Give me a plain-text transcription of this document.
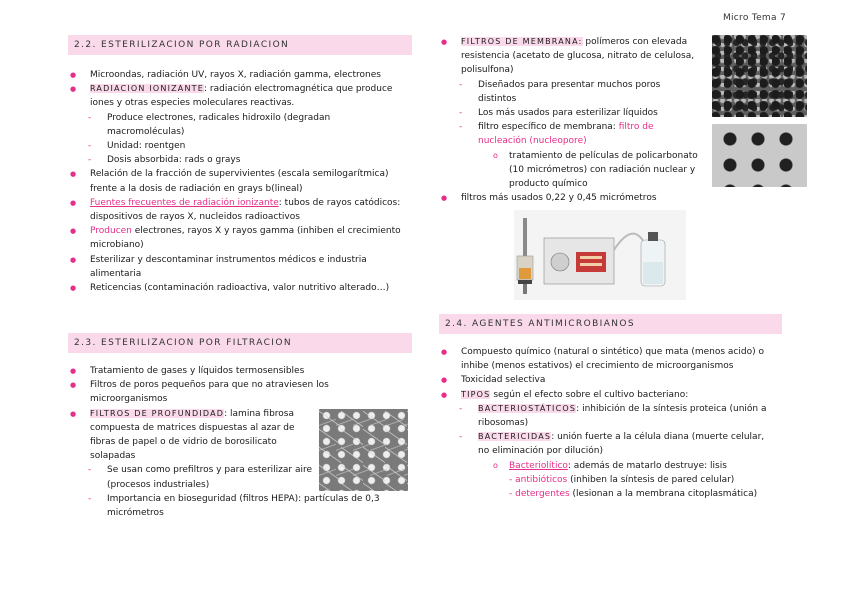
Micro Tema 7
2.2. ESTERILIZACION POR RADIACION
● Microondas, radiación UV, rayos X, radiación gamma, electrones
● RADIACION IONIZANTE: radiación electromagnética que produce iones y otras especies moleculares reactivas.
- Produce electrones, radicales hidroxilo (degradan macromoléculas)
- Unidad: roentgen
- Dosis absorbida: rads o grays
● Relación de la fracción de supervivientes (escala semilogarítmica) frente a la dosis de radiación en grays b(lineal)
● Fuentes frecuentes de radiación ionizante: tubos de rayos catódicos: dispositivos de rayos X, nucleidos radioactivos
● Producen electrones, rayos X y rayos gamma (inhiben el crecimiento microbiano)
● Esterilizar y descontaminar instrumentos médicos e industria alimentaria
● Reticencias (contaminación radioactiva, valor nutritivo alterado…)
2.3. ESTERILIZACION POR FILTRACION
● Tratamiento de gases y líquidos termosensibles
● Filtros de poros pequeños para que no atraviesen los microorganismos
● FILTROS DE PROFUNDIDAD: lamina fibrosa compuesta de matrices dispuestas al azar de fibras de papel o de vidrio de borosilicato solapadas
- Se usan como prefiltros y para esterilizar aire (procesos industriales)
- Importancia en bioseguridad (filtros HEPA): partículas de 0,3 micrómetros
● FILTROS DE MEMBRANA: polímeros con elevada resistencia (acetato de glucosa, nitrato de celulosa, polisulfona)
- Diseñados para presentar muchos poros distintos
- Los más usados para esterilizar líquidos
- filtro específico de membrana: filtro de nucleación (nucleopore)
o tratamiento de películas de policarbonato (10 micrómetros) con radiación nuclear y producto químico
● filtros más usados 0,22 y 0,45 micrómetros
2.4. AGENTES ANTIMICROBIANOS
● Compuesto químico (natural o sintético) que mata (menos acido) o inhibe (menos estativos) el crecimiento de microorganismos
● Toxicidad selectiva
● TIPOS según el efecto sobre el cultivo bacteriano:
- BACTERIOSTÁTICOS: inhibición de la síntesis proteica (unión a ribosomas)
- BACTERICIDAS: unión fuerte a la célula diana (muerte celular, no eliminación por dilución)
o Bacteriolítico: además de matarlo destruye: lisis
- antibióticos (inhiben la síntesis de pared celular)
- detergentes (lesionan a la membrana citoplasmática)
